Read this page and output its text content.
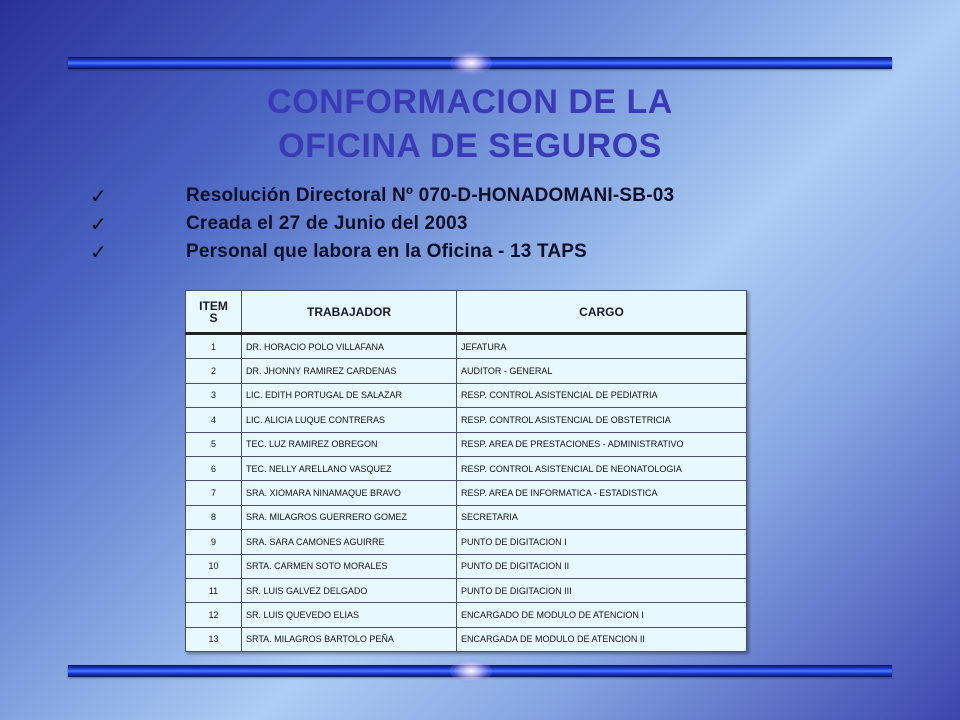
CONFORMACION DE LA
OFICINA DE SEGUROS
✓	Resolución Directoral Nº 070-D-HONADOMANI-SB-03
✓	Creada el 27 de Junio del 2003
✓	Personal que labora en la Oficina - 13 TAPS
ITEM
S	TRABAJADOR	CARGO
1	DR. HORACIO POLO VILLAFANA	JEFATURA
2	DR. JHONNY RAMIREZ CARDENAS	AUDITOR - GENERAL
3	LIC. EDITH PORTUGAL DE SALAZAR	RESP. CONTROL ASISTENCIAL DE PEDIATRIA
4	LIC. ALICIA LUQUE CONTRERAS	RESP. CONTROL ASISTENCIAL DE OBSTETRICIA
5	TEC. LUZ RAMIREZ OBREGON	RESP. AREA DE PRESTACIONES - ADMINISTRATIVO
6	TEC. NELLY ARELLANO VASQUEZ	RESP. CONTROL ASISTENCIAL DE NEONATOLOGIA
7	SRA. XIOMARA NINAMAQUE BRAVO	RESP. AREA DE INFORMATICA - ESTADISTICA
8	SRA. MILAGROS GUERRERO GOMEZ	SECRETARIA
9	SRA. SARA CAMONES AGUIRRE	PUNTO DE DIGITACION I
10	SRTA. CARMEN SOTO MORALES	PUNTO DE DIGITACION II
11	SR. LUIS GALVEZ DELGADO	PUNTO DE DIGITACION III
12	SR. LUIS QUEVEDO ELIAS	ENCARGADO DE MODULO DE ATENCION I
13	SRTA. MILAGROS BARTOLO PEÑA	ENCARGADA DE MODULO DE ATENCION II
